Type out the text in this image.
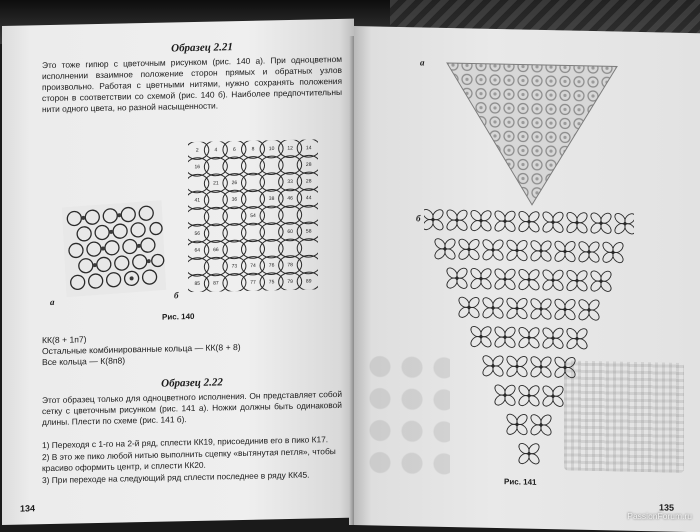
Образец 2.21

Это тоже гипюр с цветочным рисунком (рис. 140 а). При одноцветном исполнении взаимное положение сторон прямых и обратных узлов произвольно. Работая с цветными нитями, нужно сохранять положения сторон в соответствии со схемой (рис. 140 б). Наиболее предпочтительны нити одного цвета, но разной насыщенности.

а
2	4	6	8	10	12	14
16	28
21	26	33	28
41	36	38	46	44
54
56	60	58
64	66
73	74	76	78
85	87	77	75	79	89
б
Рис. 140
КК(8 + 1п7)
Остальные комбинированные кольца — КК(8 + 8)
Все кольца — К(8п8)
Образец 2.22

Этот образец только для одноцветного исполнения. Он представляет собой сетку с цветочным рисунком (рис. 141 а). Ножки должны быть одинаковой длины. Плести по схеме (рис. 141 б).

1) Переходя с 1-го на 2-й ряд, сплести КК19, присоединив его в пико К17.
2) В это же пико любой нитью выполнить сцепку «вытянутая петля», чтобы красиво оформить центр, и сплести КК20.
3) При переходе на следующий ряд сплести последнее в ряду КК45.
134
а
б
Рис. 141
135
PassionForum.ru
